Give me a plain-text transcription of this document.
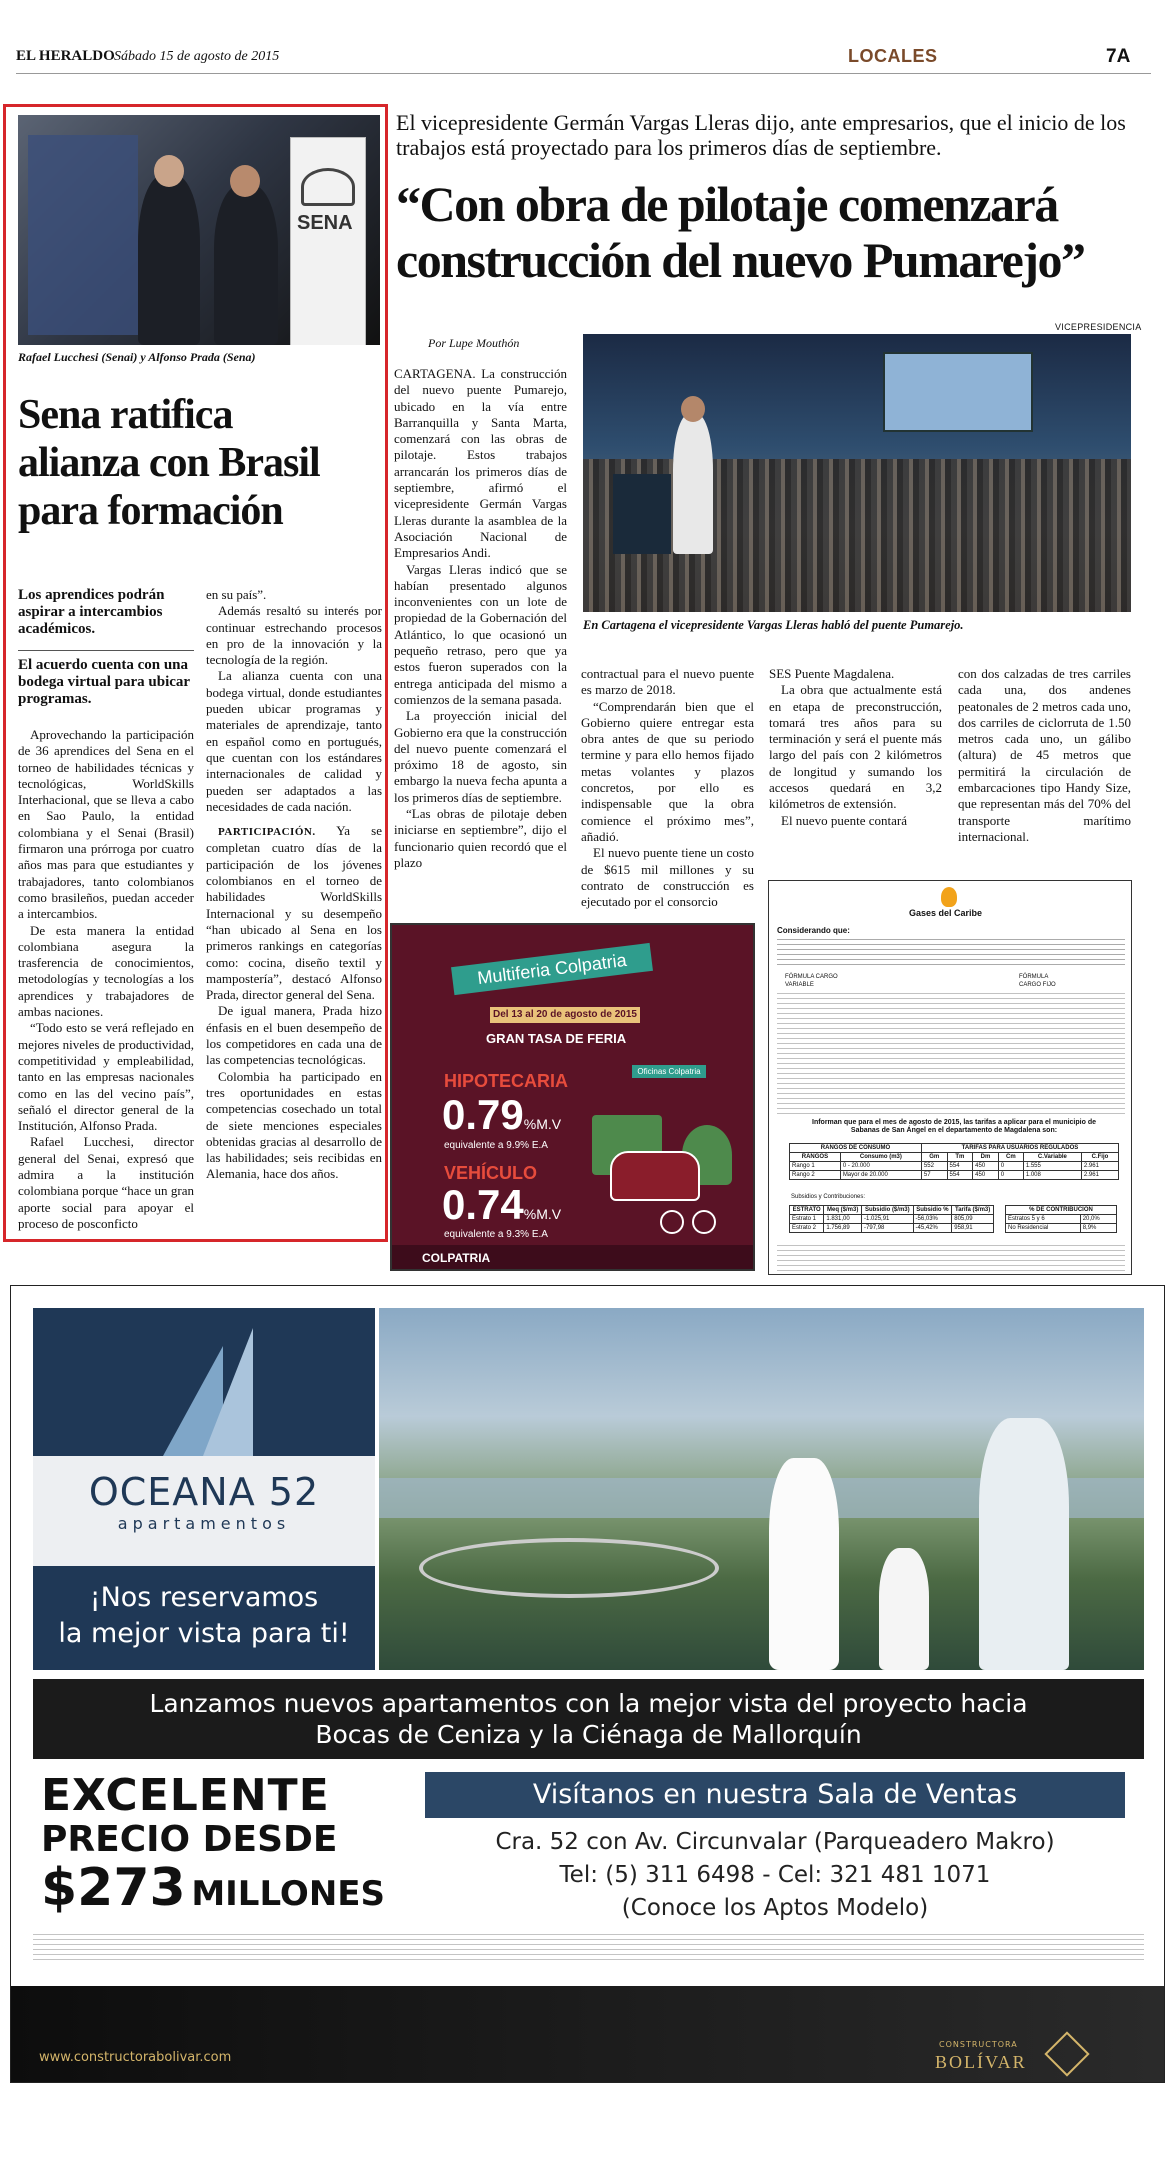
EL HERALDO Sábado 15 de agosto de 2015	LOCALES	7A
SENA
Rafael Lucchesi (Senai) y Alfonso Prada (Sena)
Sena ratifica
alianza con Brasil
para formación
Los aprendices podrán aspirar a intercambios académicos.
El acuerdo cuenta con una bodega virtual para ubicar programas.

Aprovechando la participación de 36 aprendices del Sena en el torneo de habilidades técnicas y tecnológicas, WorldSkills Interhacional, que se lleva a cabo en Sao Paulo, la entidad colombiana y el Senai (Brasil) firmaron una prórroga por cuatro años mas para que estudiantes y trabajadores, tanto colombianos como brasileños, puedan acceder a intercambios.

De esta manera la entidad colombiana asegura la trasferencia de conocimientos, metodologías y tecnologías a los aprendices y trabajadores de ambas naciones.

“Todo esto se verá reflejado en mejores niveles de productividad, competitividad y empleabilidad, tanto en las empresas nacionales como en las del vecino país”, señaló el director general de la Institución, Alfonso Prada.

Rafael Lucchesi, director general del Senai, expresó que admira a la institución colombiana porque “hace un gran aporte social para apoyar el proceso de posconficto

en su país”.

Además resaltó su interés por continuar estrechando procesos en pro de la innovación y la tecnología de la región.

La alianza cuenta con una bodega virtual, donde estudiantes pueden ubicar programas y materiales de aprendizaje, tanto en español como en portugués, que cuentan con los estándares internacionales de calidad y pueden ser adaptados a las necesidades de cada nación.

PARTICIPACIÓN. Ya se completan cuatro días de la participación de los jóvenes colombianos en el torneo de habilidades WorldSkills Internacional y su desempeño “han ubicado al Sena en los primeros rankings en categorías como: cocina, diseño textil y mampostería”, destacó Alfonso Prada, director general del Sena.

De igual manera, Prada hizo énfasis en el buen desempeño de los competidores en cada una de las competencias tecnológicas.

Colombia ha participado en tres oportunidades en estas competencias cosechado un total de siete menciones especiales obtenidas gracias al desarrollo de las habilidades; seis recibidas en Alemania, hace dos años.

El vicepresidente Germán Vargas Lleras dijo, ante empresarios, que el inicio de los trabajos está proyectado para los primeros días de septiembre.
“Con obra de pilotaje comenzará
construcción del nuevo Pumarejo”
Por Lupe Mouthón
VICEPRESIDENCIA
En Cartagena el vicepresidente Vargas Lleras habló del puente Pumarejo.

CARTAGENA. La construcción del nuevo puente Pumarejo, ubicado en la vía entre Barranquilla y Santa Marta, comenzará con las obras de pilotaje. Estos trabajos arrancarán los primeros días de septiembre, afirmó el vicepresidente Germán Vargas Lleras durante la asamblea de la Asociación Nacional de Empresarios Andi.

Vargas Lleras indicó que se habían presentado algunos inconvenientes con un lote de propiedad de la Gobernación del Atlántico, lo que ocasionó un pequeño retraso, pero que ya estos fueron superados con la entrega anticipada del mismo a comienzos de la semana pasada.

La proyección inicial del Gobierno era que la construcción del nuevo puente comenzará el próximo 18 de agosto, sin embargo la nueva fecha apunta a los primeros días de septiembre.

“Las obras de pilotaje deben iniciarse en septiembre”, dijo el funcionario quien recordó que el plazo

contractual para el nuevo puente es marzo de 2018.

“Comprendarán bien que el Gobierno quiere entregar esta obra antes de que su periodo termine y para ello hemos fijado metas volantes y plazos concretos, por ello es indispensable que la obra comience el próximo mes”, añadió.

El nuevo puente tiene un costo de $615 mil millones y su contrato de construcción es ejecutado por el consorcio

SES Puente Magdalena.

La obra que actualmente está en etapa de preconstrucción, tomará tres años para su terminación y será el puente más largo del país con 2 kilómetros de longitud y sumando los accesos quedará en 3,2 kilómetros de extensión.

El nuevo puente contará

con dos calzadas de tres carriles cada una, dos andenes peatonales de 2 metros cada uno, dos carriles de ciclorruta de 1.50 metros cada uno, un gálibo (altura) de 45 metros que permitirá la circulación de embarcaciones tipo Handy Size, que representan más del 70% del transporte marítimo internacional.

Multiferia Colpatria
Del 13 al 20 de agosto de 2015
GRAN TASA DE FERIA
HIPOTECARIA
0.79%M.V
equivalente a 9.9% E.A
VEHÍCULO
0.74%M.V
equivalente a 9.3% E.A
Oficinas Colpatria
COLPATRIA
Gases del Caribe
Considerando que:
FÓRMULA CARGO VARIABLE
FÓRMULA CARGO FIJO
Informan que para el mes de agosto de 2015, las tarifas a aplicar para el municipio de Sabanas de San Ángel en el departamento de Magdalena son:
RANGOS DE CONSUMO		TARIFAS PARA USUARIOS REGULADOS					
RANGOS	Consumo (m3)	Gm	Tm	Dm	Cm	C.Variable	C.Fijo
Rango 1	0 - 20.000	552	554	450	0	1.555	2.961
Rango 2	Mayor de 20.000	57	554	450	0	1.008	2.961
Subsidios y Contribuciones:
ESTRATO	Meq ($/m3)	Subsidio ($/m3)	Subsidio %	Tarifa ($/m3)
Estrato 1	1.831,00	-1.025,91	-56,03%	805,09
Estrato 2	1.756,89	-797,98	-45,42%	958,91
% DE CONTRIBUCION	
Estratos 5 y 6	20,0%
No Residencial	8,9%
OCEANA 52
apartamentos
¡Nos reservamos
la mejor vista para ti!
Lanzamos nuevos apartamentos con la mejor vista del proyecto hacia
Bocas de Ceniza y la Ciénaga de Mallorquín
EXCELENTE
PRECIO DESDE
$273 MILLONES
Visítanos en nuestra Sala de Ventas
Cra. 52 con Av. Circunvalar (Parqueadero Makro)
Tel: (5) 311 6498 - Cel: 321 481 1071
(Conoce los Aptos Modelo)
www.constructorabolivar.com
CONSTRUCTORA
BOLÍVAR
